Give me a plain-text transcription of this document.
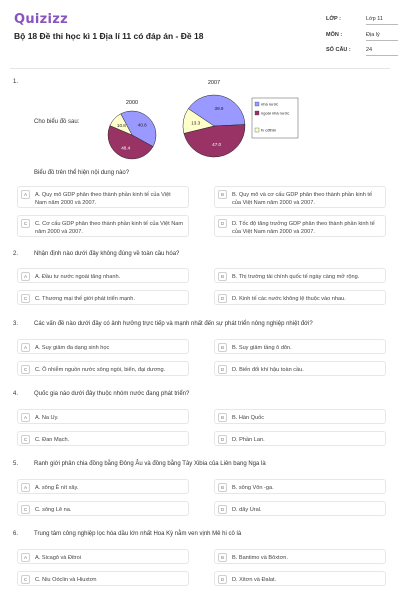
Quizizz
Bộ 18 Đề thi học kì 1 Địa lí 11 có đáp án - Đề 18
LỚP :	Lớp 11
MÔN :	Địa lý
SỐ CÂU :	24
1.
Cho biểu đồ sau:
2000
2007
40.8
48.4
10.8
39.9
47.0
13.3
nhà nước
ngoài nhà nước
fv cđthtn
Biểu đồ trên thể hiện nội dung nào?
A	A. Quy mô GDP phân theo thành phần kinh tế của Việt Nam năm 2000 và 2007.
B	B. Quy mô và cơ cấu GDP phân theo thành phần kinh tế của Việt Nam năm 2000 và 2007.
C	C. Cơ cấu GDP phân theo thành phần kinh tế của Việt Nam năm 2000 và 2007.
D	D. Tốc độ tăng trưởng GDP phân theo thành phần kinh tế của Việt Nam năm 2000 và 2007.
2.	Nhận định nào dưới đây không đúng về toàn cầu hóa?
A	A. Đầu tư nước ngoài tăng nhanh.	B	B. Thị trường tài chính quốc tế ngày càng mở rộng.
C	C. Thương mại thế giới phát triển mạnh.	D	D. Kinh tế các nước không lệ thuộc vào nhau.
3.	Các vấn đề nào dưới đây có ảnh hưởng trực tiếp và mạnh nhất đến sự phát triển nông nghiệp nhiệt đới?
A	A. Suy giảm đa dạng sinh học	B	B. Suy giảm tầng ô dôn.
C	C. Ô nhiễm nguồn nước sông ngòi, biển, đại dương.	D	D. Biến đổi khí hậu toàn cầu.
4.	Quốc gia nào dưới đây thuộc nhóm nước đang phát triển?
A	A. Na Uy.	B	B. Hàn Quốc
C	C. Đan Mạch.	D	D. Phần Lan.
5.	Ranh giới phân chia đồng bằng Đông Âu và đồng bằng Tây Xibia của Liên bang Nga là
A	A. sông Ê nít xây.	B	B. sông Vôn -ga.
C	C. sông Lê na.	D	D. dãy Ural.
6.	Trung tâm công nghiệp lọc hóa dầu lớn nhất Hoa Kỳ nằm ven vịnh Mê hi cô là
A	A. Sicagô và Đitroi	B	B. Bantimo và Bôxtơn.
C	C. Niu Oóclin và Hiuxtơn	D	D. Xitơn và Đalat.
